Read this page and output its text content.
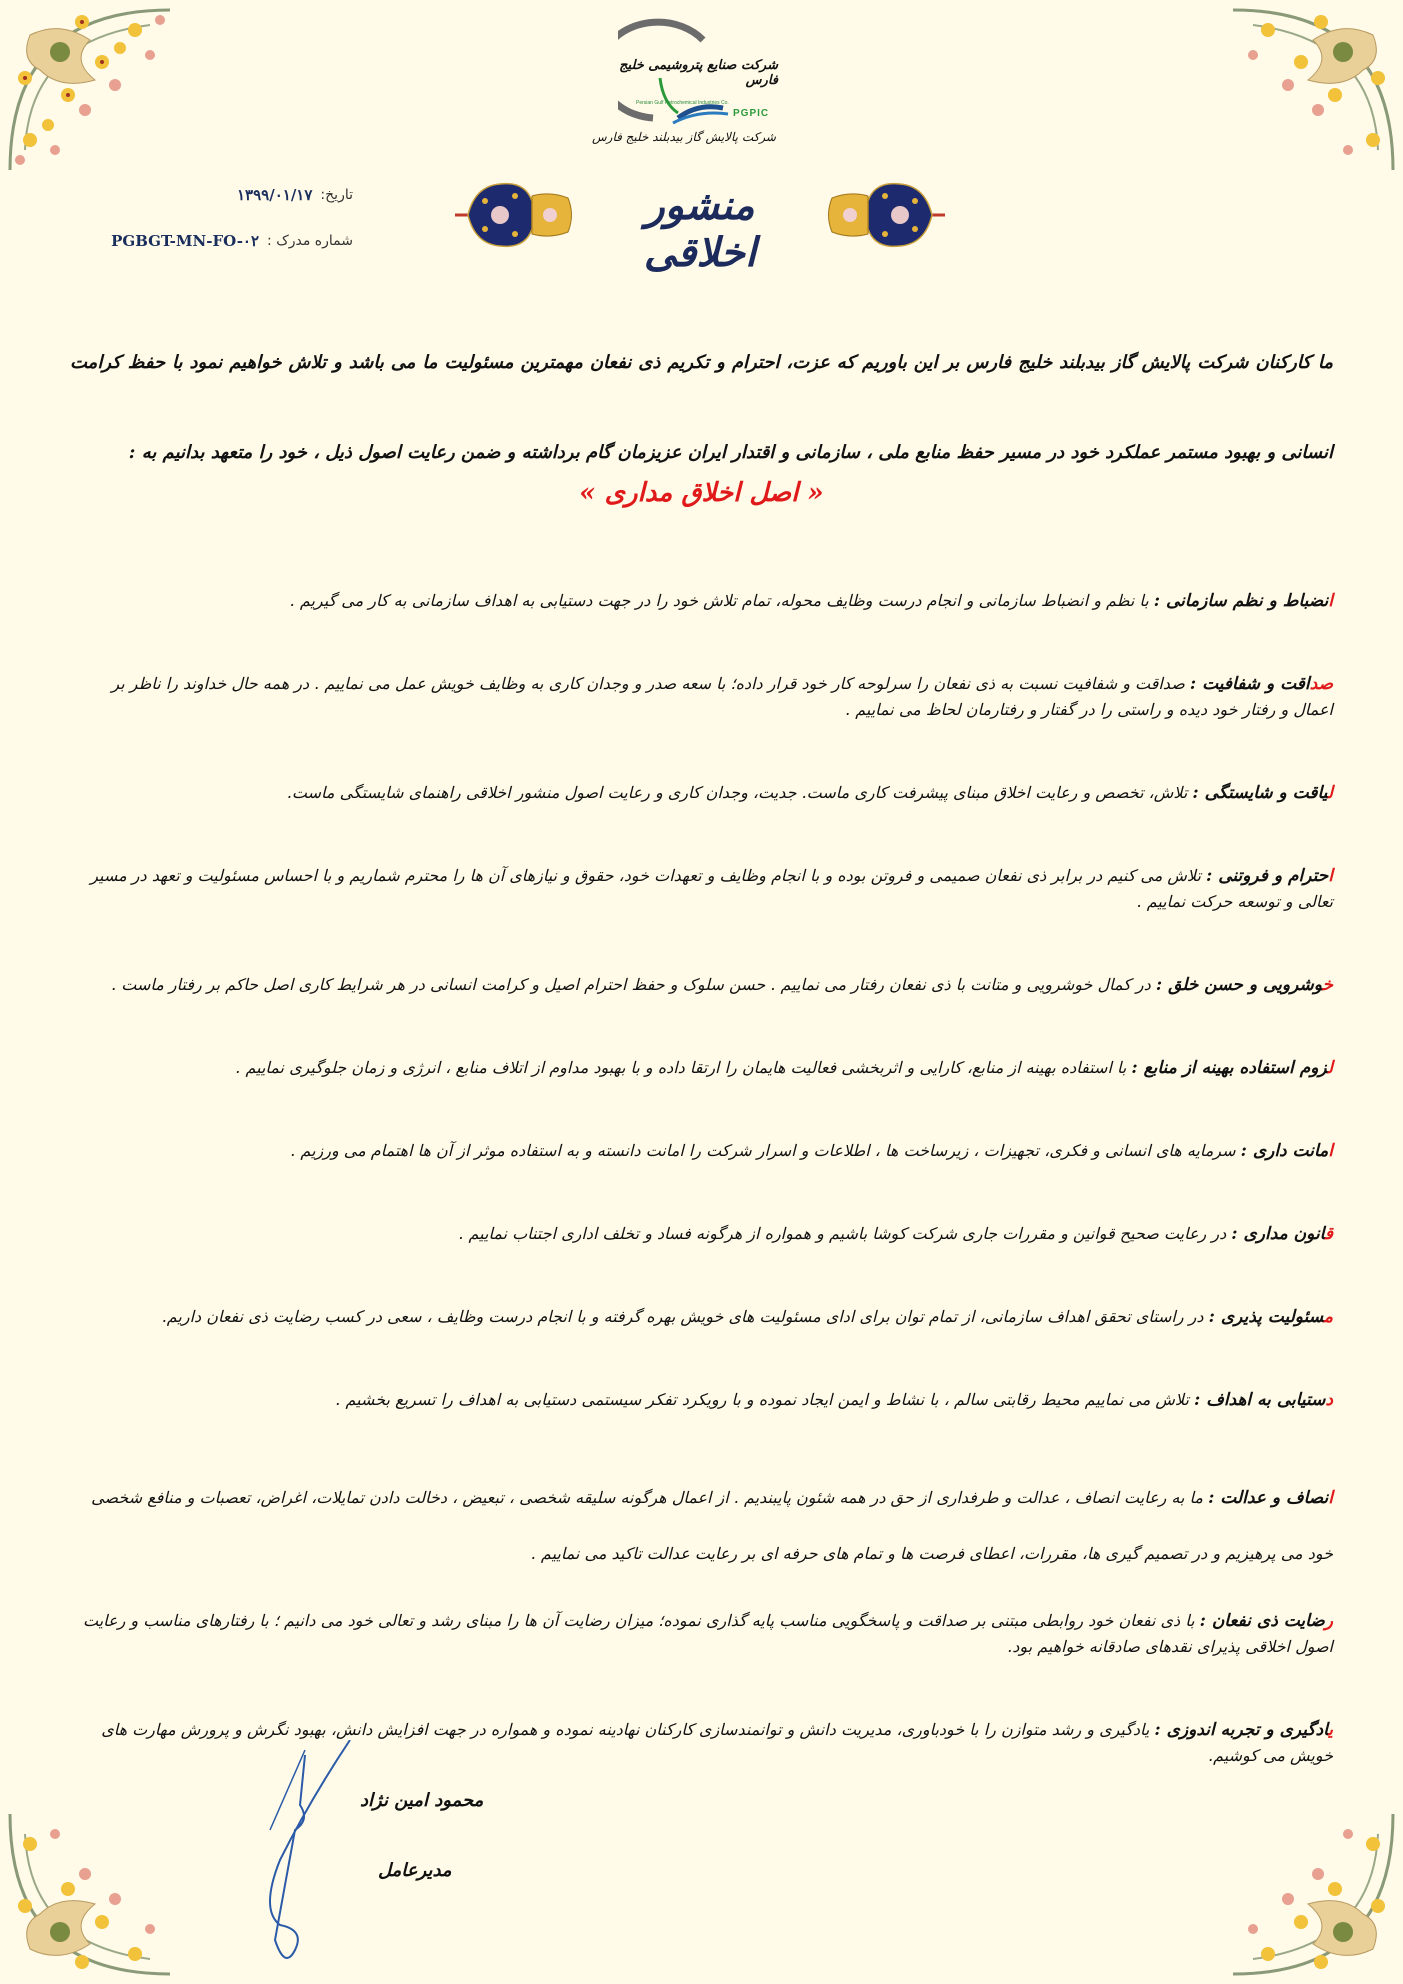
شرکت صنایع پتروشیمی خلیج فارس
Persian Gulf Petrochemical Industries Co.
PGPIC
شرکت پالایش گاز بیدبلند خلیج فارس
تاریخ:
۱۳۹۹/۰۱/۱۷
شماره مدرک :
PGBGT-MN-FO-۰۲
منشور اخلاقی

ما کارکنان شرکت پالایش گاز بیدبلند خلیج فارس بر این باوریم که عزت، احترام و تکریم ذی نفعان مهمترین مسئولیت ما می باشد و تلاش خواهیم نمود با حفظ کرامت انسانی و بهبود مستمر عملکرد خود در مسیر حفظ منابع ملی ، سازمانی و اقتدار ایران عزیزمان گام برداشته و ضمن رعایت اصول ذیل ، خود را متعهد بدانیم به :

« اصل اخلاق مداری »

انضباط و نظم سازمانی : با نظم و انضباط سازمانی و انجام درست وظایف محوله، تمام تلاش خود را در جهت دستیابی به اهداف سازمانی به کار می گیریم .

صداقت و شفافیت : صداقت و شفافیت نسبت به ذی نفعان را سرلوحه کار خود قرار داده؛ با سعه صدر و وجدان کاری به وظایف خویش عمل می نماییم . در همه حال خداوند را ناظر بر اعمال و رفتار خود دیده و راستی را در گفتار و رفتارمان لحاظ می نماییم .

لیاقت و شایستگی : تلاش، تخصص و رعایت اخلاق مبنای پیشرفت کاری ماست. جدیت، وجدان کاری و رعایت اصول منشور اخلاقی راهنمای شایستگی ماست.

احترام و فروتنی : تلاش می کنیم در برابر ذی نفعان صمیمی و فروتن بوده و با انجام وظایف و تعهدات خود، حقوق و نیازهای آن ها را محترم شماریم و با احساس مسئولیت و تعهد در مسیر تعالی و توسعه حرکت نماییم .

خوشرویی و حسن خلق : در کمال خوشرویی و متانت با ذی نفعان رفتار می نماییم . حسن سلوک و حفظ احترام اصیل و کرامت انسانی در هر شرایط کاری اصل حاکم بر رفتار ماست .

لزوم استفاده بهینه از منابع : با استفاده بهینه از منابع، کارایی و اثربخشی فعالیت هایمان را ارتقا داده و با بهبود مداوم از اتلاف منابع ، انرژی و زمان جلوگیری نماییم .

امانت داری : سرمایه های انسانی و فکری، تجهیزات ، زیرساخت ها ، اطلاعات و اسرار شرکت را امانت دانسته و به استفاده موثر از آن ها اهتمام می ورزیم .

قانون مداری : در رعایت صحیح قوانین و مقررات جاری شرکت کوشا باشیم و همواره از هرگونه فساد و تخلف اداری اجتناب نماییم .

مسئولیت پذیری : در راستای تحقق اهداف سازمانی، از تمام توان برای ادای مسئولیت های خویش بهره گرفته و با انجام درست وظایف ، سعی در کسب رضایت ذی نفعان داریم.

دستیابی به اهداف : تلاش می نماییم محیط رقابتی سالم ، با نشاط و ایمن ایجاد نموده و با رویکرد تفکر سیستمی دستیابی به اهداف را تسریع بخشیم .

انصاف و عدالت : ما به رعایت انصاف ، عدالت و طرفداری از حق در همه شئون پایبندیم . از اعمال هرگونه سلیقه شخصی ، تبعیض ، دخالت دادن تمایلات، اغراض، تعصبات و منافع شخصی خود می پرهیزیم و در تصمیم گیری ها، مقررات، اعطای فرصت ها و تمام های حرفه ای بر رعایت عدالت تاکید می نماییم .

رضایت ذی نفعان : با ذی نفعان خود روابطی مبتنی بر صداقت و پاسخگویی مناسب پایه گذاری نموده؛ میزان رضایت آن ها را مبنای رشد و تعالی خود می دانیم ؛ با رفتارهای مناسب و رعایت اصول اخلاقی پذیرای نقدهای صادقانه خواهیم بود.

یادگیری و تجربه اندوزی : یادگیری و رشد متوازن را با خودباوری، مدیریت دانش و توانمندسازی کارکنان نهادینه نموده و همواره در جهت افزایش دانش، بهبود نگرش و پرورش مهارت های خویش می کوشیم.

محمود امین نژاد
مدیرعامل
